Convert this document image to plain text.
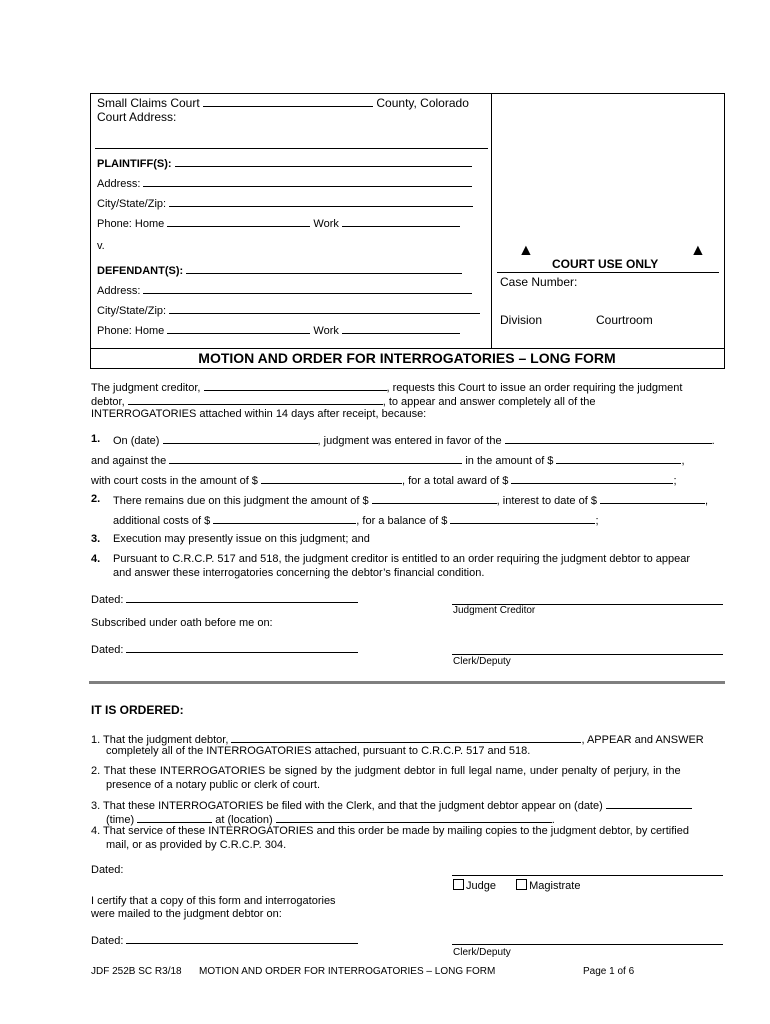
Small Claims Court	County, Colorado
Court Address:
PLAINTIFF(S):
Address:
City/State/Zip:
Phone: Home	Work
v.
DEFENDANT(S):
Address:
City/State/Zip:
Phone: Home	Work
▲	▲
COURT USE ONLY
Case Number:
Division	Courtroom
MOTION AND ORDER FOR INTERROGATORIES – LONG FORM
The judgment creditor,	, requests this Court to issue an order requiring the judgment
debtor,	, to appear and answer completely all of the
INTERROGATORIES attached within 14 days after receipt, because:
1. On (date)	, judgment was entered in favor of the	.
and against the	in the amount of $	,
with court costs in the amount of $	, for a total award of $	;
2. There remains due on this judgment the amount of $	, interest to date of $	,
additional costs of $	, for a balance of $	;
3. Execution may presently issue on this judgment; and
4. Pursuant to C.R.C.P. 517 and 518, the judgment creditor is entitled to an order requiring the judgment debtor to appear
and answer these interrogatories concerning the debtor’s financial condition.
Dated:
Judgment Creditor
Subscribed under oath before me on:
Dated:
Clerk/Deputy
IT IS ORDERED:
1. That the judgment debtor,	, APPEAR and ANSWER
completely all of the INTERROGATORIES attached, pursuant to C.R.C.P. 517 and 518.
2. That these INTERROGATORIES be signed by the judgment debtor in full legal name, under penalty of perjury, in the
presence of a notary public or clerk of court.
3. That these INTERROGATORIES be filed with the Clerk, and that the judgment debtor appear on (date)
(time)	at (location)	.
4. That service of these INTERROGATORIES and this order be made by mailing copies to the judgment debtor, by certified
mail, or as provided by C.R.C.P. 304.
Dated:
Judge	Magistrate
I certify that a copy of this form and interrogatories
were mailed to the judgment debtor on:
Dated:
Clerk/Deputy
JDF 252B SC R3/18 MOTION AND ORDER FOR INTERROGATORIES – LONG FORM	Page 1 of 6
